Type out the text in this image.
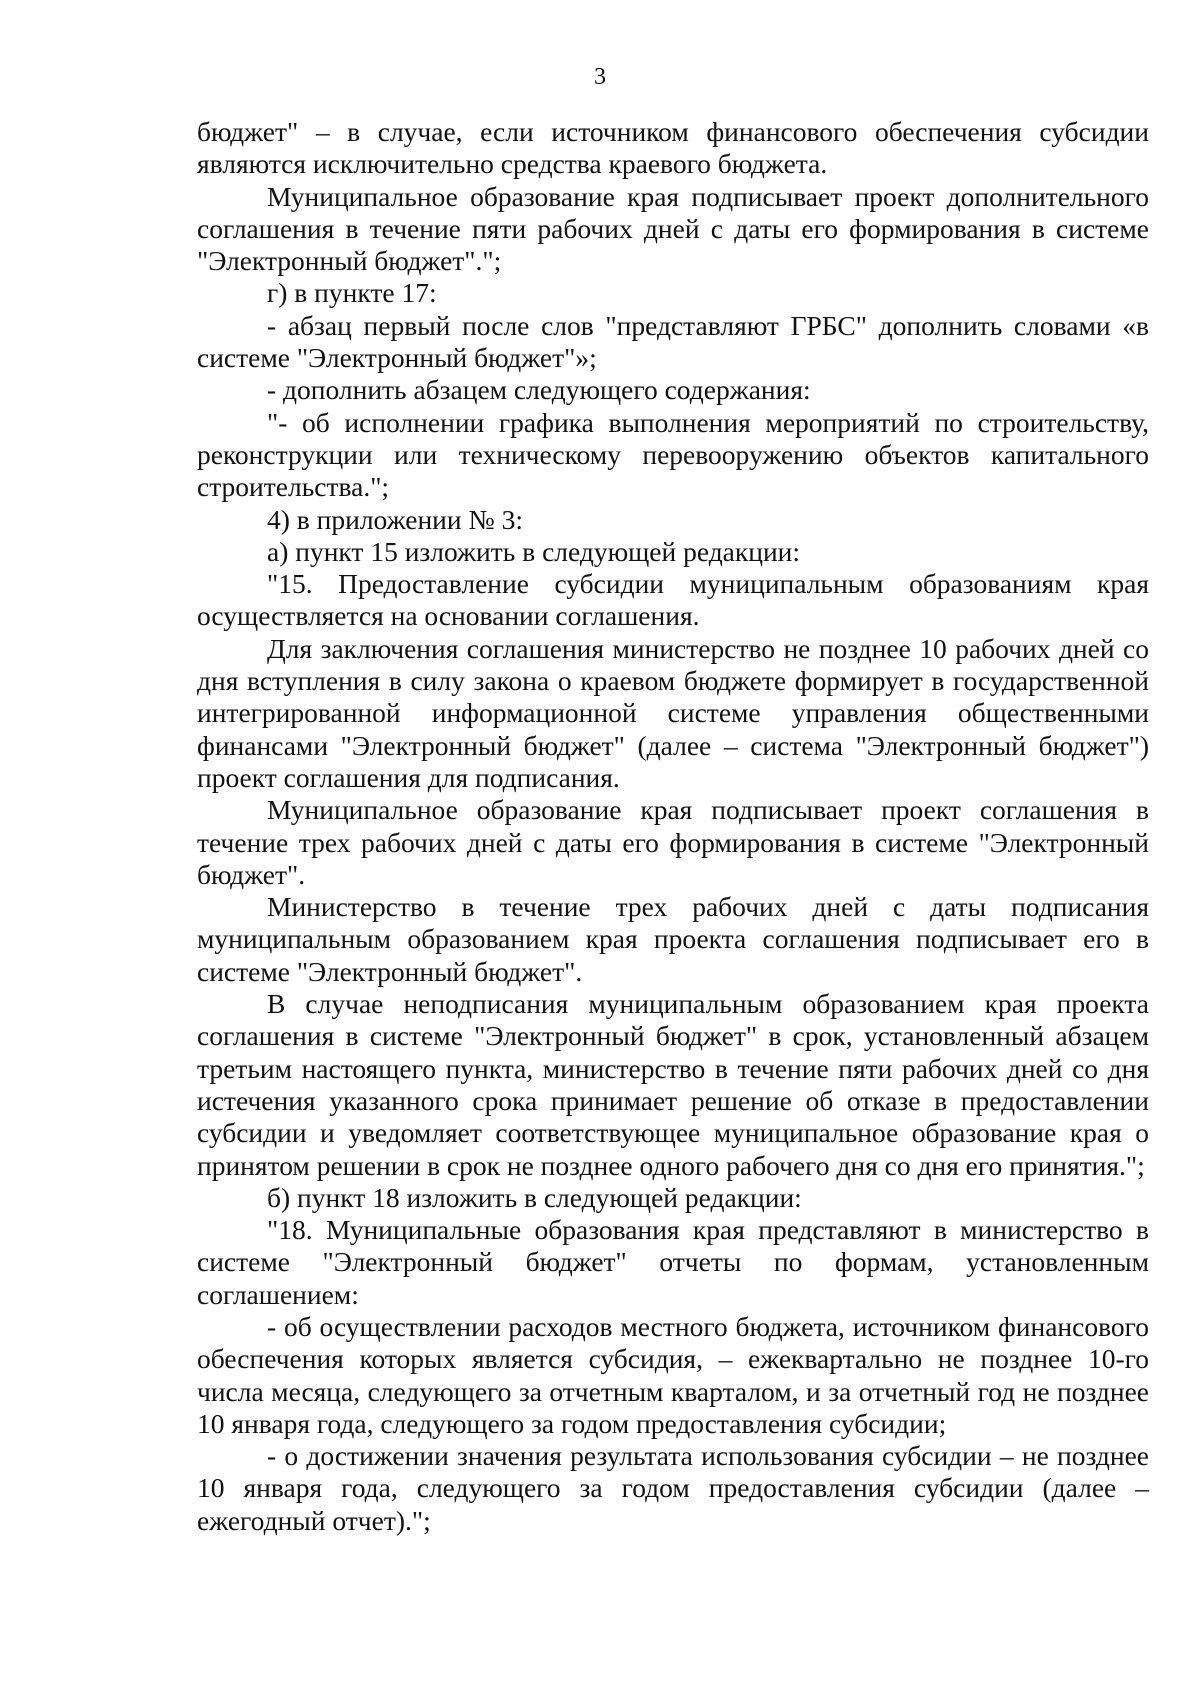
3

бюджет" – в случае, если источником финансового обеспечения субсидии являются исключительно средства краевого бюджета.

Муниципальное образование края подписывает проект дополнительного соглашения в течение пяти рабочих дней с даты его формирования в системе "Электронный бюджет".";

г) в пункте 17:

- абзац первый после слов "представляют ГРБС" дополнить словами «в системе "Электронный бюджет"»;

- дополнить абзацем следующего содержания:

"- об исполнении графика выполнения мероприятий по строительству, реконструкции или техническому перевооружению объектов капитального строительства.";

4) в приложении № 3:

а) пункт 15 изложить в следующей редакции:

"15. Предоставление субсидии муниципальным образованиям края осуществляется на основании соглашения.

Для заключения соглашения министерство не позднее 10 рабочих дней со дня вступления в силу закона о краевом бюджете формирует в государственной интегрированной информационной системе управления общественными финансами "Электронный бюджет" (далее – система "Электронный бюджет") проект соглашения для подписания.

Муниципальное образование края подписывает проект соглашения в течение трех рабочих дней с даты его формирования в системе "Электронный бюджет".

Министерство в течение трех рабочих дней с даты подписания муниципальным образованием края проекта соглашения подписывает его в системе "Электронный бюджет".

В случае неподписания муниципальным образованием края проекта соглашения в системе "Электронный бюджет" в срок, установленный абзацем третьим настоящего пункта, министерство в течение пяти рабочих дней со дня истечения указанного срока принимает решение об отказе в предоставлении субсидии и уведомляет соответствующее муниципальное образование края о принятом решении в срок не позднее одного рабочего дня со дня его принятия.";

б) пункт 18 изложить в следующей редакции:

"18. Муниципальные образования края представляют в министерство в системе "Электронный бюджет" отчеты по формам, установленным соглашением:

- об осуществлении расходов местного бюджета, источником финансового обеспечения которых является субсидия, – ежеквартально не позднее 10-го числа месяца, следующего за отчетным кварталом, и за отчетный год не позднее 10 января года, следующего за годом предоставления субсидии;

- о достижении значения результата использования субсидии – не позднее 10 января года, следующего за годом предоставления субсидии (далее – ежегодный отчет).";
